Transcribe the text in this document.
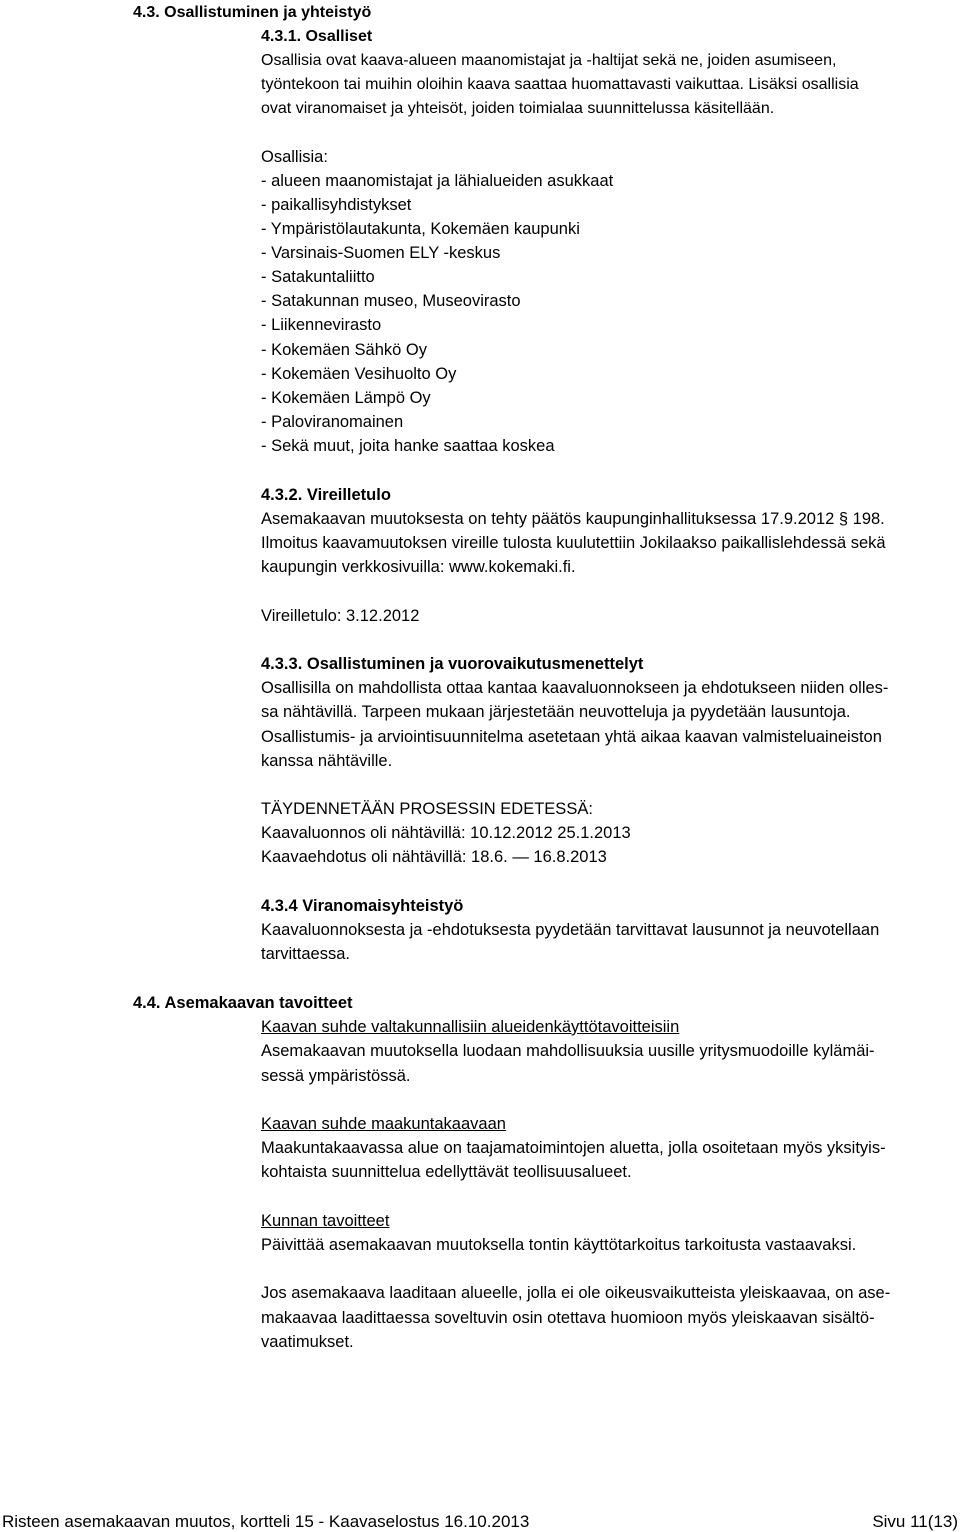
4.3. Osallistuminen ja yhteistyö
4.3.1. Osalliset
Osallisia ovat kaava-alueen maanomistajat ja -haltijat sekä ne, joiden asumiseen,
työntekoon tai muihin oloihin kaava saattaa huomattavasti vaikuttaa. Lisäksi osallisia
ovat viranomaiset ja yhteisöt, joiden toimialaa suunnittelussa käsitellään.
Osallisia:
- alueen maanomistajat ja lähialueiden asukkaat
- paikallisyhdistykset
- Ympäristölautakunta, Kokemäen kaupunki
- Varsinais-Suomen ELY -keskus
- Satakuntaliitto
- Satakunnan museo, Museovirasto
- Liikennevirasto
- Kokemäen Sähkö Oy
- Kokemäen Vesihuolto Oy
- Kokemäen Lämpö Oy
- Paloviranomainen
- Sekä muut, joita hanke saattaa koskea
4.3.2. Vireilletulo
Asemakaavan muutoksesta on tehty päätös kaupunginhallituksessa 17.9.2012 § 198.
Ilmoitus kaavamuutoksen vireille tulosta kuulutettiin Jokilaakso paikallislehdessä sekä
kaupungin verkkosivuilla: www.kokemaki.fi.
Vireilletulo: 3.12.2012
4.3.3. Osallistuminen ja vuorovaikutusmenettelyt
Osallisilla on mahdollista ottaa kantaa kaavaluonnokseen ja ehdotukseen niiden olles-
sa nähtävillä. Tarpeen mukaan järjestetään neuvotteluja ja pyydetään lausuntoja.
Osallistumis- ja arviointisuunnitelma asetetaan yhtä aikaa kaavan valmisteluaineiston
kanssa nähtäville.
TÄYDENNETÄÄN PROSESSIN EDETESSÄ:
Kaavaluonnos oli nähtävillä: 10.12.2012 25.1.2013
Kaavaehdotus oli nähtävillä: 18.6. — 16.8.2013
4.3.4 Viranomaisyhteistyö
Kaavaluonnoksesta ja -ehdotuksesta pyydetään tarvittavat lausunnot ja neuvotellaan
tarvittaessa.
4.4. Asemakaavan tavoitteet
Kaavan suhde valtakunnallisiin alueidenkäyttötavoitteisiin
Asemakaavan muutoksella luodaan mahdollisuuksia uusille yritysmuodoille kylämäi-
sessä ympäristössä.
Kaavan suhde maakuntakaavaan
Maakuntakaavassa alue on taajamatoimintojen aluetta, jolla osoitetaan myös yksityis-
kohtaista suunnittelua edellyttävät teollisuusalueet.
Kunnan tavoitteet
Päivittää asemakaavan muutoksella tontin käyttötarkoitus tarkoitusta vastaavaksi.
Jos asemakaava laaditaan alueelle, jolla ei ole oikeusvaikutteista yleiskaavaa, on ase-
makaavaa laadittaessa soveltuvin osin otettava huomioon myös yleiskaavan sisältö-
vaatimukset.
Risteen asemakaavan muutos, kortteli 15 - Kaavaselostus 16.10.2013	Sivu 11(13)
